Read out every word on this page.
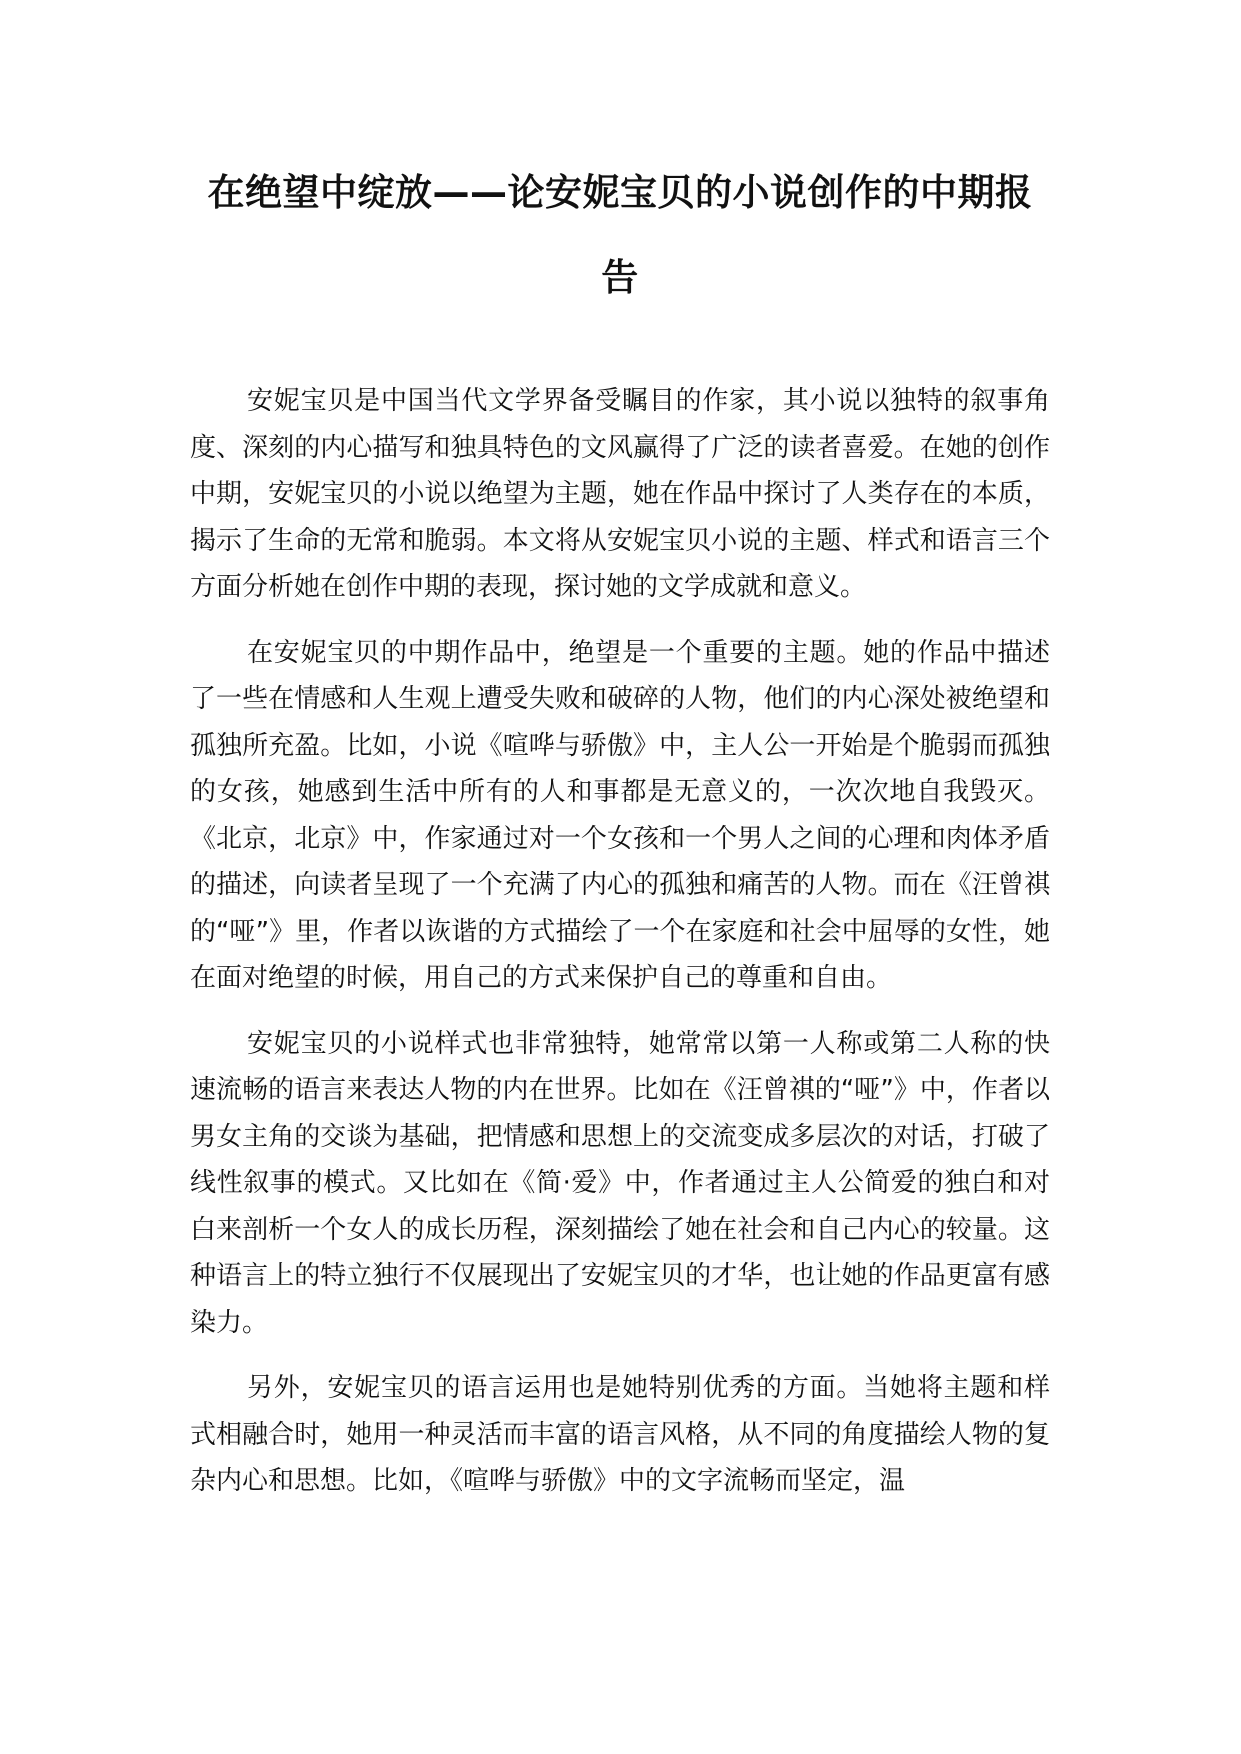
在绝望中绽放——论安妮宝贝的小说创作的中期报告

安妮宝贝是中国当代文学界备受瞩目的作家，其小说以独特的叙事角度、深刻的内心描写和独具特色的文风赢得了广泛的读者喜爱。在她的创作中期，安妮宝贝的小说以绝望为主题，她在作品中探讨了人类存在的本质，揭示了生命的无常和脆弱。本文将从安妮宝贝小说的主题、样式和语言三个方面分析她在创作中期的表现，探讨她的文学成就和意义。

在安妮宝贝的中期作品中，绝望是一个重要的主题。她的作品中描述了一些在情感和人生观上遭受失败和破碎的人物，他们的内心深处被绝望和孤独所充盈。比如，小说《喧哗与骄傲》中，主人公一开始是个脆弱而孤独的女孩，她感到生活中所有的人和事都是无意义的，一次次地自我毁灭。《北京，北京》中，作家通过对一个女孩和一个男人之间的心理和肉体矛盾的描述，向读者呈现了一个充满了内心的孤独和痛苦的人物。而在《汪曾祺的“哑”》里，作者以诙谐的方式描绘了一个在家庭和社会中屈辱的女性，她在面对绝望的时候，用自己的方式来保护自己的尊重和自由。

安妮宝贝的小说样式也非常独特，她常常以第一人称或第二人称的快速流畅的语言来表达人物的内在世界。比如在《汪曾祺的“哑”》中，作者以男女主角的交谈为基础，把情感和思想上的交流变成多层次的对话，打破了线性叙事的模式。又比如在《简·爱》中，作者通过主人公简爱的独白和对白来剖析一个女人的成长历程，深刻描绘了她在社会和自己内心的较量。这种语言上的特立独行不仅展现出了安妮宝贝的才华，也让她的作品更富有感染力。

另外，安妮宝贝的语言运用也是她特别优秀的方面。当她将主题和样式相融合时，她用一种灵活而丰富的语言风格，从不同的角度描绘人物的复杂内心和思想。比如，《喧哗与骄傲》中的文字流畅而坚定，温
